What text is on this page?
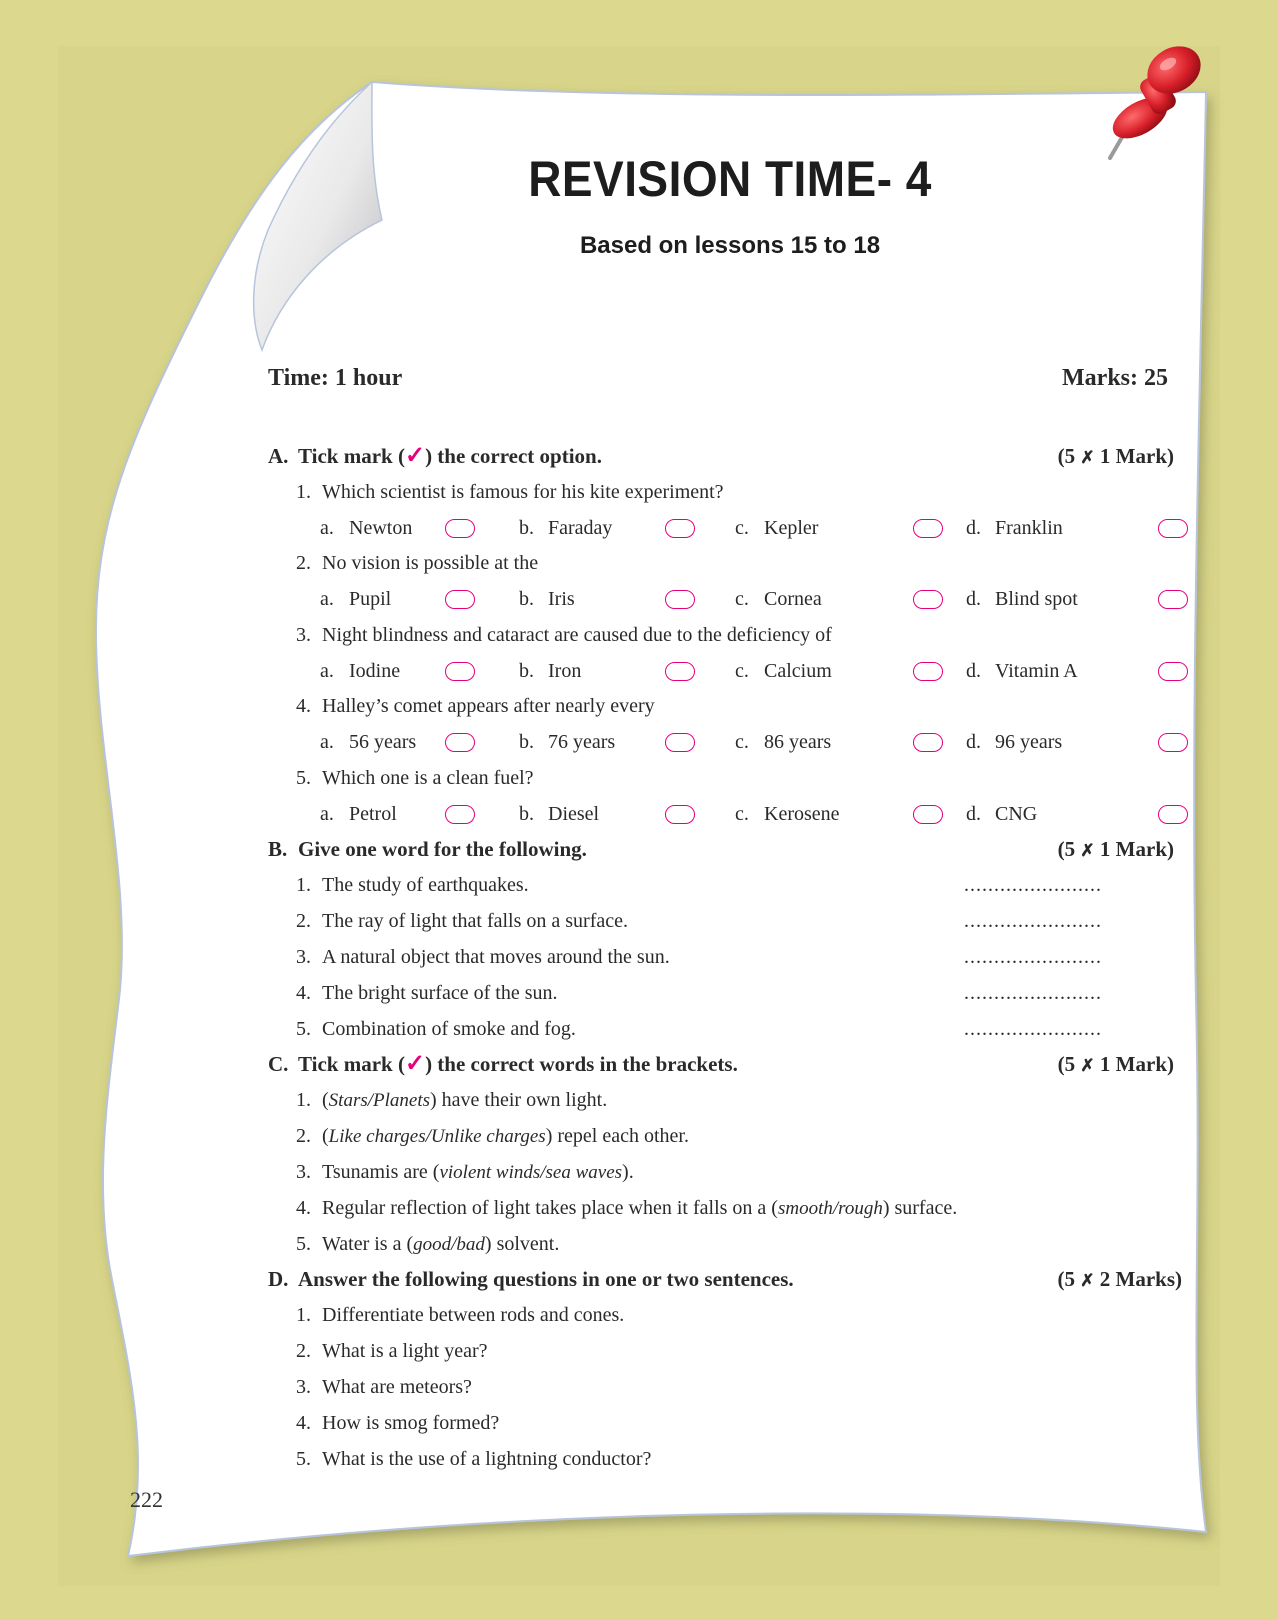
REVISION TIME- 4
Based on lessons 15 to 18
Time: 1 hour	Marks: 25
A. Tick mark (✓) the correct option.	(5 ✗ 1 Mark)
1. Which scientist is famous for his kite experiment?
a. Newton	b. Faraday	c. Kepler	d. Franklin
2. No vision is possible at the
a. Pupil	b. Iris	c. Cornea	d. Blind spot
3. Night blindness and cataract are caused due to the deficiency of
a. Iodine	b. Iron	c. Calcium	d. Vitamin A
4. Halley’s comet appears after nearly every
a. 56 years	b. 76 years	c. 86 years	d. 96 years
5. Which one is a clean fuel?
a. Petrol	b. Diesel	c. Kerosene	d. CNG
B. Give one word for the following.	(5 ✗ 1 Mark)
1. The study of earthquakes.	.......................
2. The ray of light that falls on a surface.	.......................
3. A natural object that moves around the sun.	.......................
4. The bright surface of the sun.	.......................
5. Combination of smoke and fog.	.......................
C. Tick mark (✓) the correct words in the brackets.	(5 ✗ 1 Mark)
1. (Stars/Planets) have their own light.
2. (Like charges/Unlike charges) repel each other.
3. Tsunamis are (violent winds/sea waves).
4. Regular reflection of light takes place when it falls on a (smooth/rough) surface.
5. Water is a (good/bad) solvent.
D. Answer the following questions in one or two sentences.	(5 ✗ 2 Marks)
1. Differentiate between rods and cones.
2. What is a light year?
3. What are meteors?
4. How is smog formed?
5. What is the use of a lightning conductor?
222
